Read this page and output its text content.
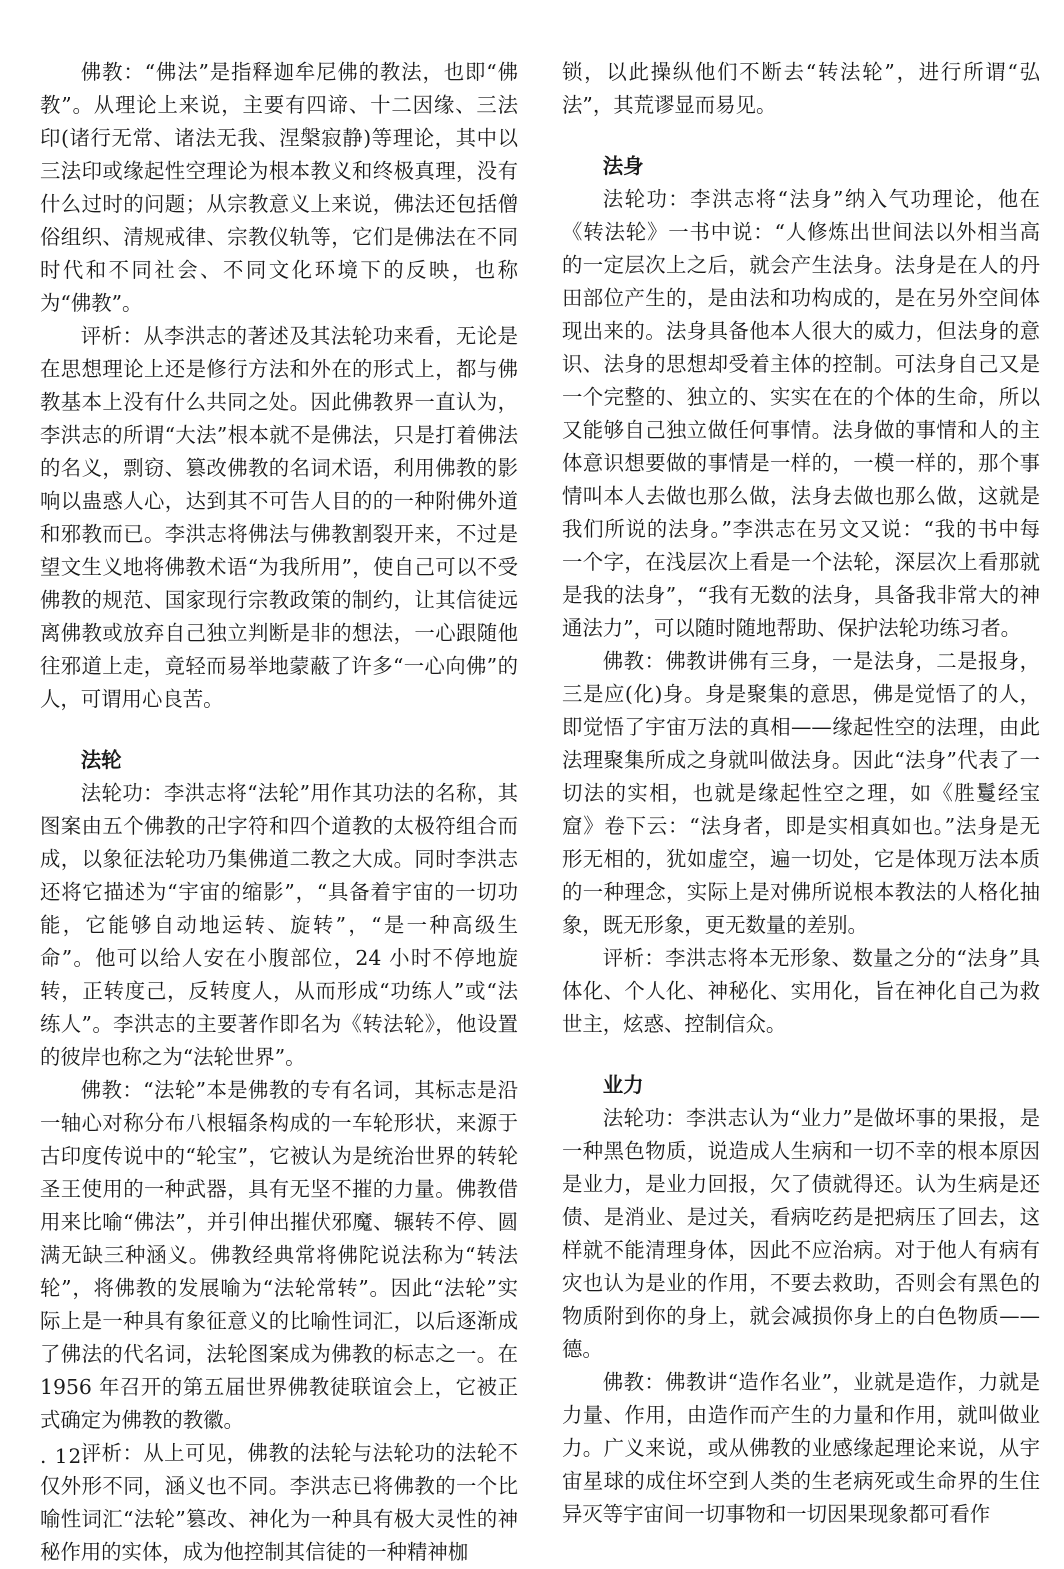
佛教：“佛法”是指释迦牟尼佛的教法，也即“佛教”。从理论上来说，主要有四谛、十二因缘、三法印(诸行无常、诸法无我、涅槃寂静)等理论，其中以三法印或缘起性空理论为根本教义和终极真理，没有什么过时的问题；从宗教意义上来说，佛法还包括僧俗组织、清规戒律、宗教仪轨等，它们是佛法在不同时代和不同社会、不同文化环境下的反映，也称为“佛教”。

评析：从李洪志的著述及其法轮功来看，无论是在思想理论上还是修行方法和外在的形式上，都与佛教基本上没有什么共同之处。因此佛教界一直认为，李洪志的所谓“大法”根本就不是佛法，只是打着佛法的名义，剽窃、篡改佛教的名词术语，利用佛教的影响以蛊惑人心，达到其不可告人目的的一种附佛外道和邪教而已。李洪志将佛法与佛教割裂开来，不过是望文生义地将佛教术语“为我所用”，使自己可以不受佛教的规范、国家现行宗教政策的制约，让其信徒远离佛教或放弃自己独立判断是非的想法，一心跟随他往邪道上走，竟轻而易举地蒙蔽了许多“一心向佛”的人，可谓用心良苦。

法轮

法轮功：李洪志将“法轮”用作其功法的名称，其图案由五个佛教的卍字符和四个道教的太极符组合而成，以象征法轮功乃集佛道二教之大成。同时李洪志还将它描述为“宇宙的缩影”，“具备着宇宙的一切功能，它能够自动地运转、旋转”，“是一种高级生命”。他可以给人安在小腹部位，24 小时不停地旋转，正转度己，反转度人，从而形成“功练人”或“法练人”。李洪志的主要著作即名为《转法轮》，他设置的彼岸也称之为“法轮世界”。

佛教：“法轮”本是佛教的专有名词，其标志是沿一轴心对称分布八根辐条构成的一车轮形状，来源于古印度传说中的“轮宝”，它被认为是统治世界的转轮圣王使用的一种武器，具有无坚不摧的力量。佛教借用来比喻“佛法”，并引伸出摧伏邪魔、辗转不停、圆满无缺三种涵义。佛教经典常将佛陀说法称为“转法轮”，将佛教的发展喻为“法轮常转”。因此“法轮”实际上是一种具有象征意义的比喻性词汇，以后逐渐成了佛法的代名词，法轮图案成为佛教的标志之一。在 1956 年召开的第五届世界佛教徒联谊会上，它被正式确定为佛教的教徽。

评析：从上可见，佛教的法轮与法轮功的法轮不仅外形不同，涵义也不同。李洪志已将佛教的一个比喻性词汇“法轮”篡改、神化为一种具有极大灵性的神秘作用的实体，成为他控制其信徒的一种精神枷

锁，以此操纵他们不断去“转法轮”，进行所谓“弘法”，其荒谬显而易见。

法身

法轮功：李洪志将“法身”纳入气功理论，他在《转法轮》一书中说：“人修炼出世间法以外相当高的一定层次上之后，就会产生法身。法身是在人的丹田部位产生的，是由法和功构成的，是在另外空间体现出来的。法身具备他本人很大的威力，但法身的意识、法身的思想却受着主体的控制。可法身自己又是一个完整的、独立的、实实在在的个体的生命，所以又能够自己独立做任何事情。法身做的事情和人的主体意识想要做的事情是一样的，一模一样的，那个事情叫本人去做也那么做，法身去做也那么做，这就是我们所说的法身。”李洪志在另文又说：“我的书中每一个字，在浅层次上看是一个法轮，深层次上看那就是我的法身”，“我有无数的法身，具备我非常大的神通法力”，可以随时随地帮助、保护法轮功练习者。

佛教：佛教讲佛有三身，一是法身，二是报身，三是应(化)身。身是聚集的意思，佛是觉悟了的人，即觉悟了宇宙万法的真相——缘起性空的法理，由此法理聚集所成之身就叫做法身。因此“法身”代表了一切法的实相，也就是缘起性空之理，如《胜鬘经宝窟》卷下云：“法身者，即是实相真如也。”法身是无形无相的，犹如虚空，遍一切处，它是体现万法本质的一种理念，实际上是对佛所说根本教法的人格化抽象，既无形象，更无数量的差别。

评析：李洪志将本无形象、数量之分的“法身”具体化、个人化、神秘化、实用化，旨在神化自己为救世主，炫惑、控制信众。

业力

法轮功：李洪志认为“业力”是做坏事的果报，是一种黑色物质，说造成人生病和一切不幸的根本原因是业力，是业力回报，欠了债就得还。认为生病是还债、是消业、是过关，看病吃药是把病压了回去，这样就不能清理身体，因此不应治病。对于他人有病有灾也认为是业的作用，不要去救助，否则会有黑色的物质附到你的身上，就会减损你身上的白色物质——德。

佛教：佛教讲“造作名业”，业就是造作，力就是力量、作用，由造作而产生的力量和作用，就叫做业力。广义来说，或从佛教的业感缘起理论来说，从宇宙星球的成住坏空到人类的生老病死或生命界的生住异灭等宇宙间一切事物和一切因果现象都可看作

. 12.
